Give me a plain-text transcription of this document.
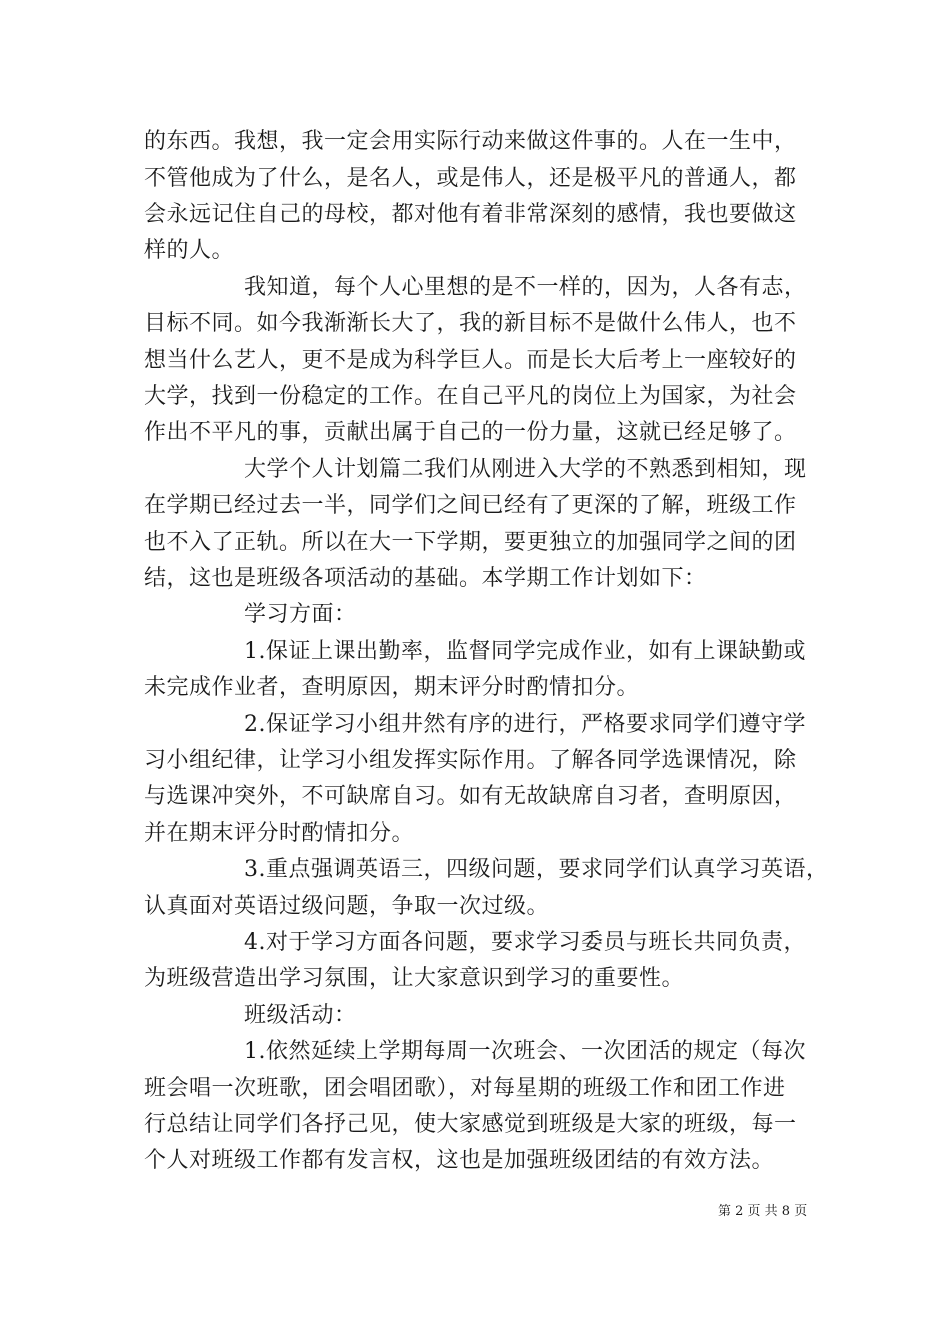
的东西。我想，我一定会用实际行动来做这件事的。人在一生中，
不管他成为了什么，是名人，或是伟人，还是极平凡的普通人，都
会永远记住自己的母校，都对他有着非常深刻的感情，我也要做这
样的人。
我知道，每个人心里想的是不一样的，因为，人各有志，
目标不同。如今我渐渐长大了，我的新目标不是做什么伟人，也不
想当什么艺人，更不是成为科学巨人。而是长大后考上一座较好的
大学，找到一份稳定的工作。在自己平凡的岗位上为国家，为社会
作出不平凡的事，贡献出属于自己的一份力量，这就已经足够了。
大学个人计划篇二我们从刚进入大学的不熟悉到相知，现
在学期已经过去一半，同学们之间已经有了更深的了解，班级工作
也不入了正轨。所以在大一下学期，要更独立的加强同学之间的团
结，这也是班级各项活动的基础。本学期工作计划如下：
学习方面：
1.保证上课出勤率，监督同学完成作业，如有上课缺勤或
未完成作业者，查明原因，期末评分时酌情扣分。
2.保证学习小组井然有序的进行，严格要求同学们遵守学
习小组纪律，让学习小组发挥实际作用。了解各同学选课情况，除
与选课冲突外，不可缺席自习。如有无故缺席自习者，查明原因，
并在期末评分时酌情扣分。
3.重点强调英语三，四级问题，要求同学们认真学习英语，
认真面对英语过级问题，争取一次过级。
4.对于学习方面各问题，要求学习委员与班长共同负责，
为班级营造出学习氛围，让大家意识到学习的重要性。
班级活动：
1.依然延续上学期每周一次班会、一次团活的规定（每次
班会唱一次班歌，团会唱团歌），对每星期的班级工作和团工作进
行总结让同学们各抒己见，使大家感觉到班级是大家的班级，每一
个人对班级工作都有发言权，这也是加强班级团结的有效方法。
第 2 页 共 8 页
